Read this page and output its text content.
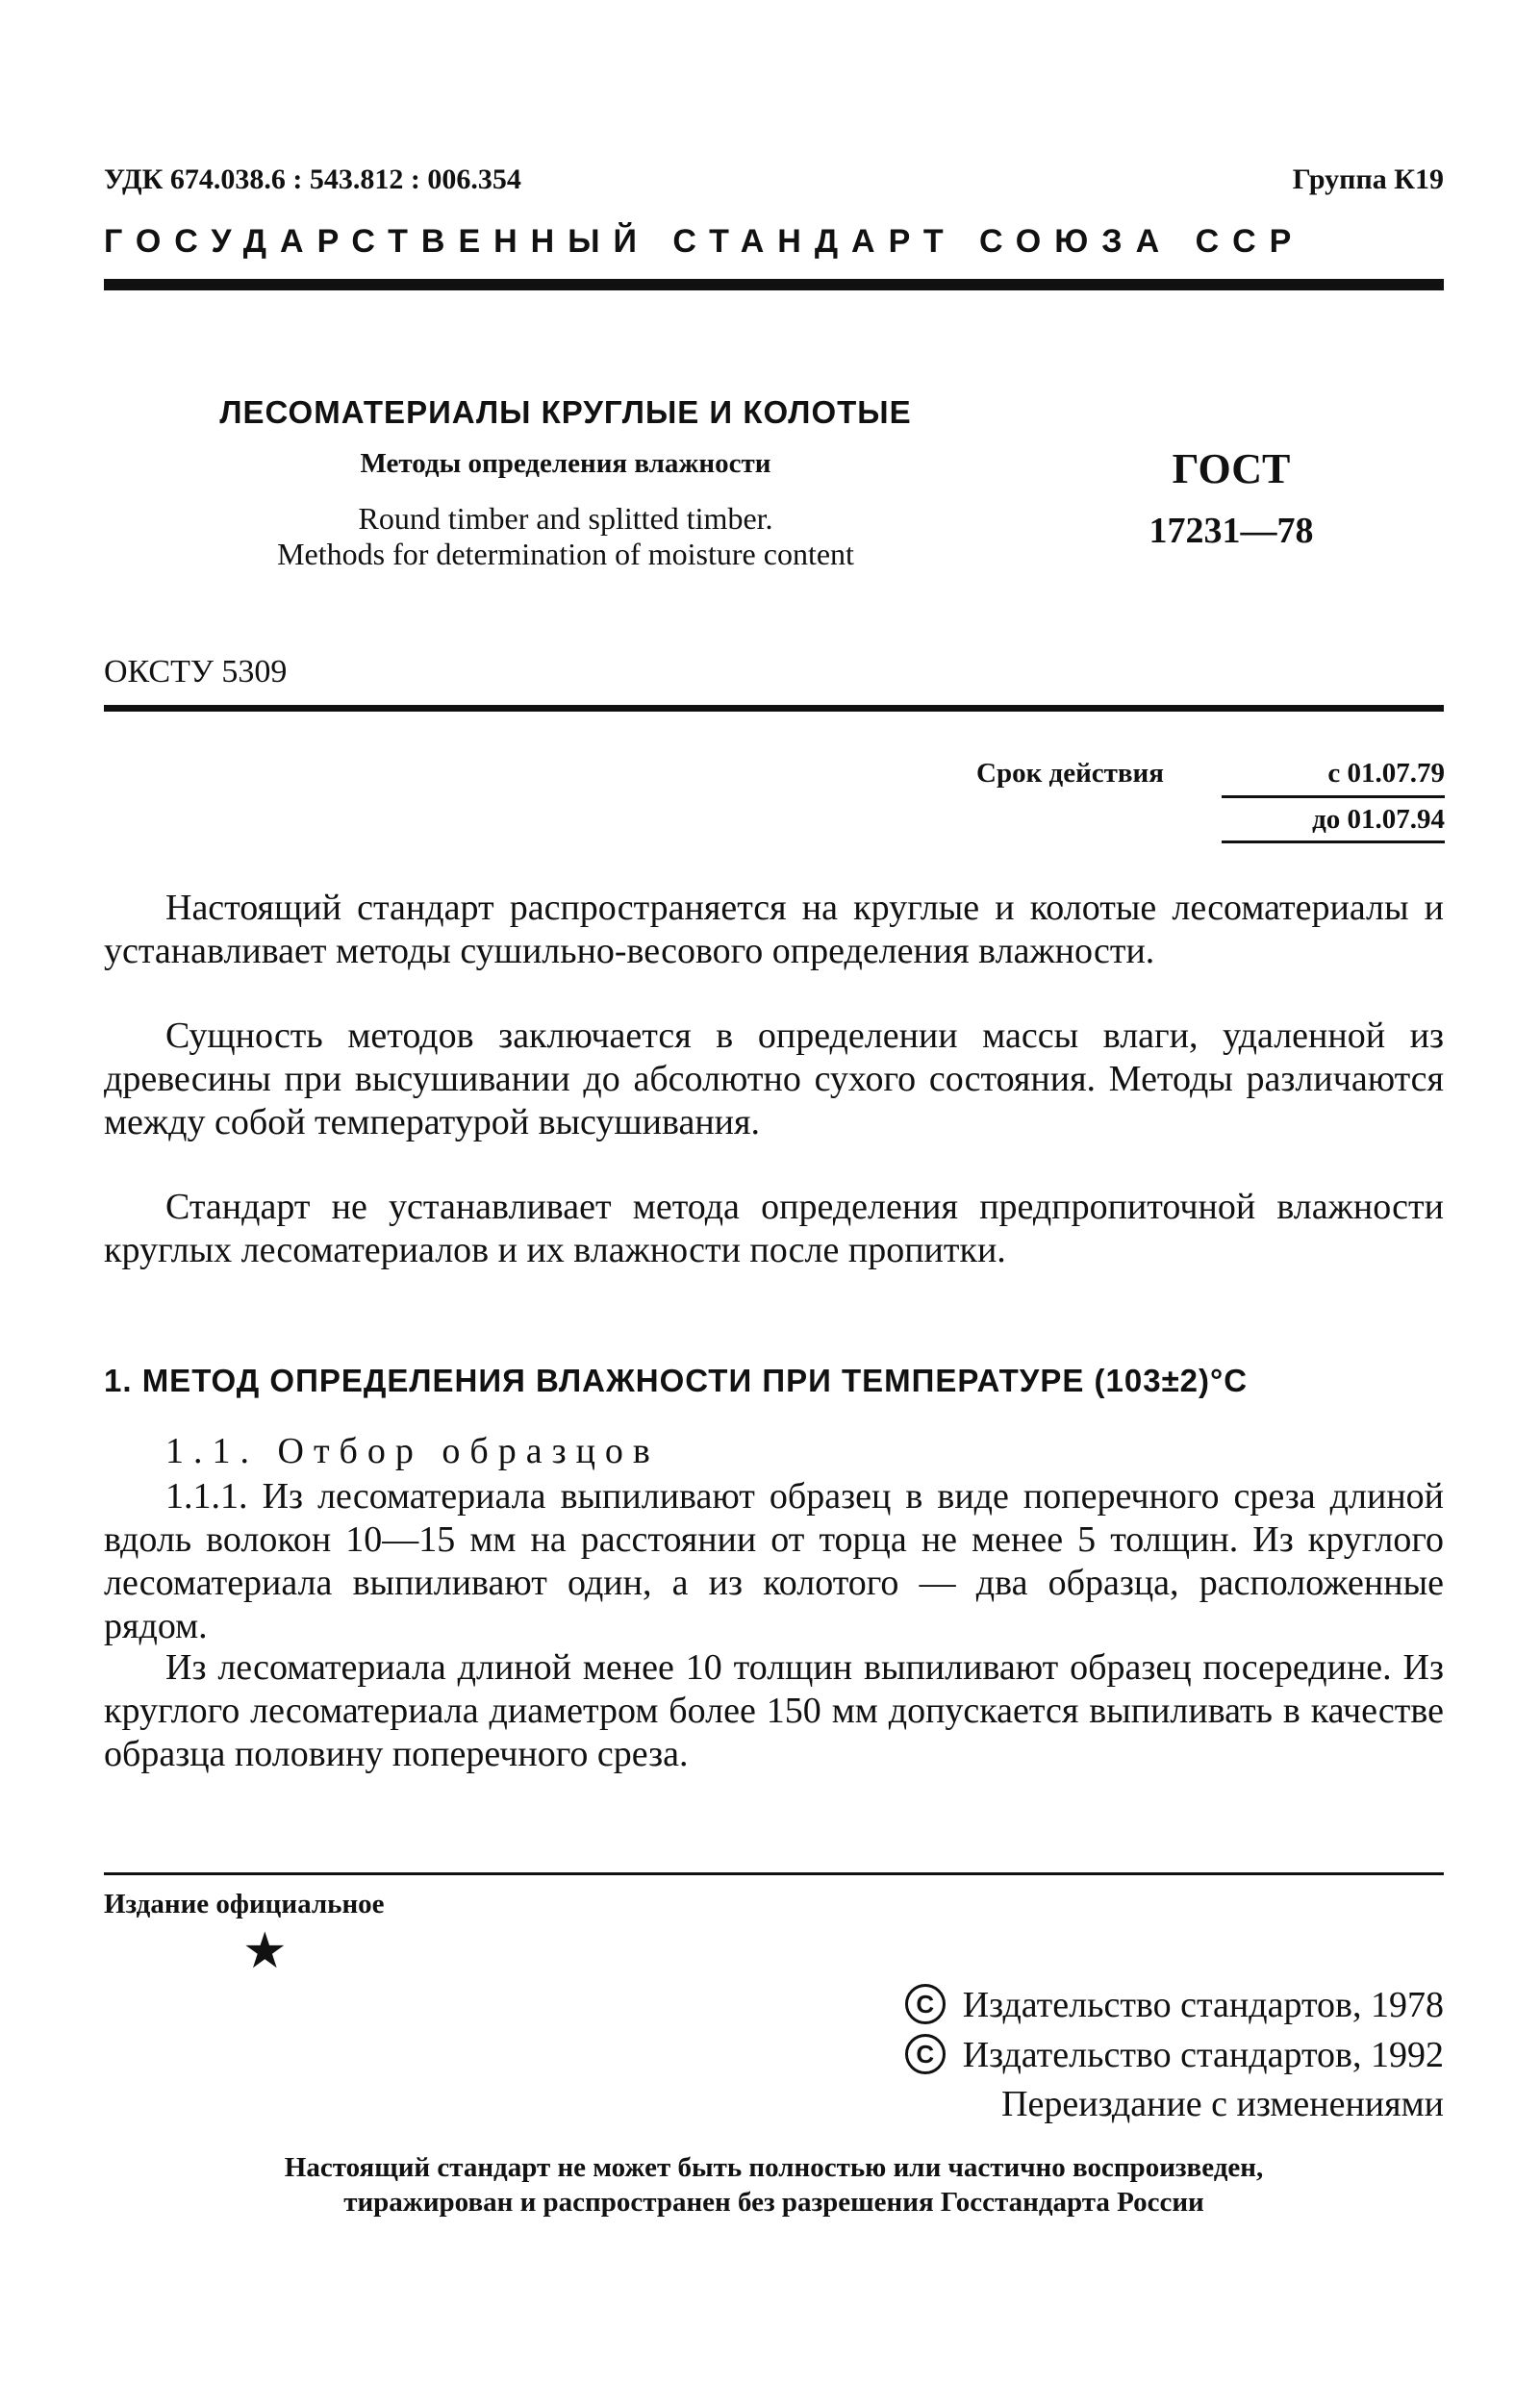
УДК 674.038.6 : 543.812 : 006.354	Группа К19
ГОСУДАРСТВЕННЫЙ СТАНДАРТ СОЮЗА ССР
ЛЕСОМАТЕРИАЛЫ КРУГЛЫЕ И КОЛОТЫЕ
Методы определения влажности
Round timber and splitted timber.
Methods for determination of moisture content
ГОСТ
17231—78
ОКСТУ 5309
Срок действия	с 01.07.79
до 01.07.94

Настоящий стандарт распространяется на круглые и колотые лесоматериалы и устанавливает методы сушильно-весового определения влажности.

Сущность методов заключается в определении массы влаги, удаленной из древесины при высушивании до абсолютно сухого состояния. Методы различаются между собой температурой высушивания.

Стандарт не устанавливает метода определения предпропиточной влажности круглых лесоматериалов и их влажности после пропитки.

1. МЕТОД ОПРЕДЕЛЕНИЯ ВЛАЖНОСТИ ПРИ ТЕМПЕРАТУРЕ (103±2)°С
1.1. Отбор образцов

1.1.1. Из лесоматериала выпиливают образец в виде поперечного среза длиной вдоль волокон 10—15 мм на расстоянии от торца не менее 5 толщин. Из круглого лесоматериала выпиливают один, а из колотого — два образца, расположенные рядом.

Из лесоматериала длиной менее 10 толщин выпиливают образец посередине. Из круглого лесоматериала диаметром более 150 мм допускается выпиливать в качестве образца половину поперечного среза.

Издание официальное
★
С Издательство стандартов, 1978
С Издательство стандартов, 1992
Переиздание с изменениями
Настоящий стандарт не может быть полностью или частично воспроизведен,
тиражирован и распространен без разрешения Госстандарта России
